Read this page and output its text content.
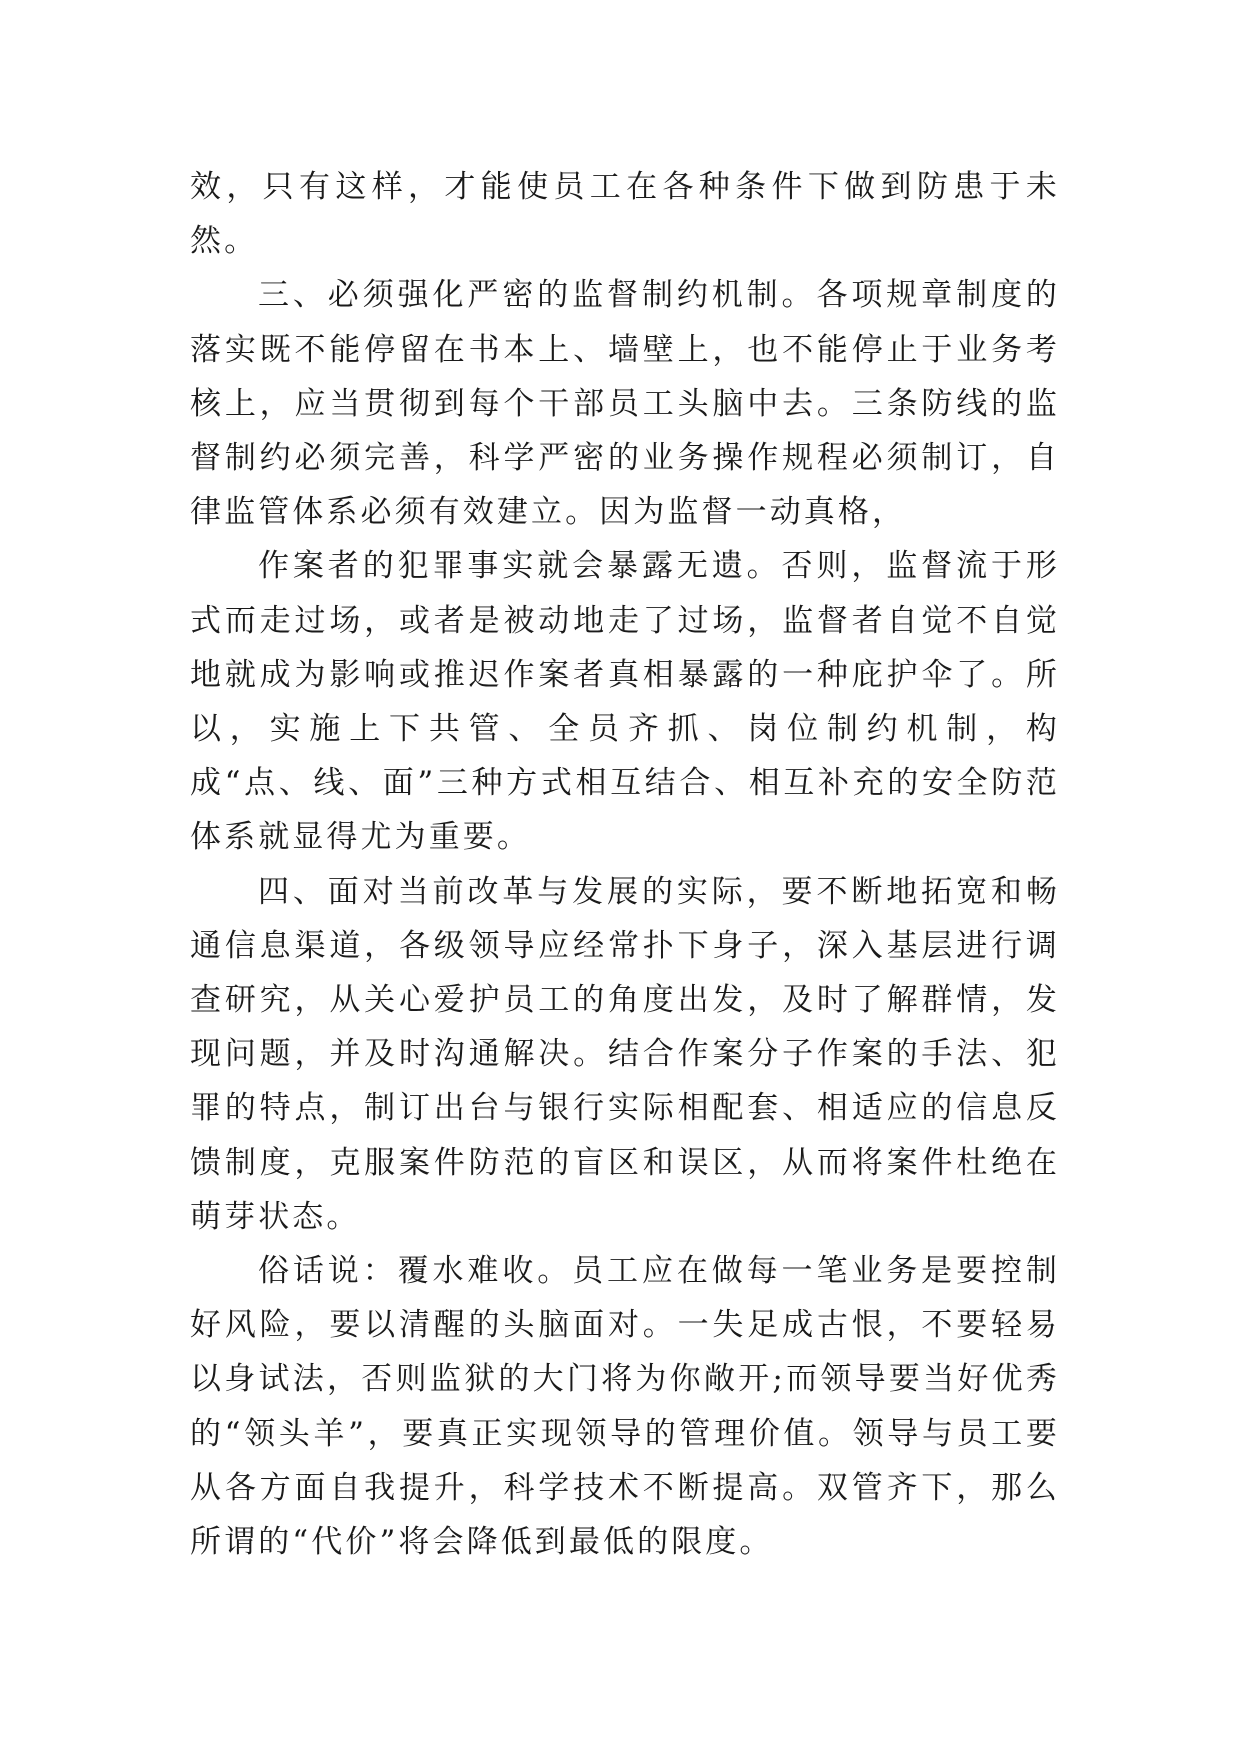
效，只有这样，才能使员工在各种条件下做到防患于未然。

三、必须强化严密的监督制约机制。各项规章制度的落实既不能停留在书本上、墙壁上，也不能停止于业务考核上，应当贯彻到每个干部员工头脑中去。三条防线的监督制约必须完善，科学严密的业务操作规程必须制订，自律监管体系必须有效建立。因为监督一动真格，

作案者的犯罪事实就会暴露无遗。否则，监督流于形式而走过场，或者是被动地走了过场，监督者自觉不自觉地就成为影响或推迟作案者真相暴露的一种庇护伞了。所以，实施上下共管、全员齐抓、岗位制约机制，构成“点、线、面”三种方式相互结合、相互补充的安全防范体系就显得尤为重要。

四、面对当前改革与发展的实际，要不断地拓宽和畅通信息渠道，各级领导应经常扑下身子，深入基层进行调查研究，从关心爱护员工的角度出发，及时了解群情，发现问题，并及时沟通解决。结合作案分子作案的手法、犯罪的特点，制订出台与银行实际相配套、相适应的信息反馈制度，克服案件防范的盲区和误区，从而将案件杜绝在萌芽状态。

俗话说：覆水难收。员工应在做每一笔业务是要控制好风险，要以清醒的头脑面对。一失足成古恨，不要轻易以身试法，否则监狱的大门将为你敞开;而领导要当好优秀的“领头羊”，要真正实现领导的管理价值。领导与员工要从各方面自我提升，科学技术不断提高。双管齐下，那么所谓的“代价”将会降低到最低的限度。
